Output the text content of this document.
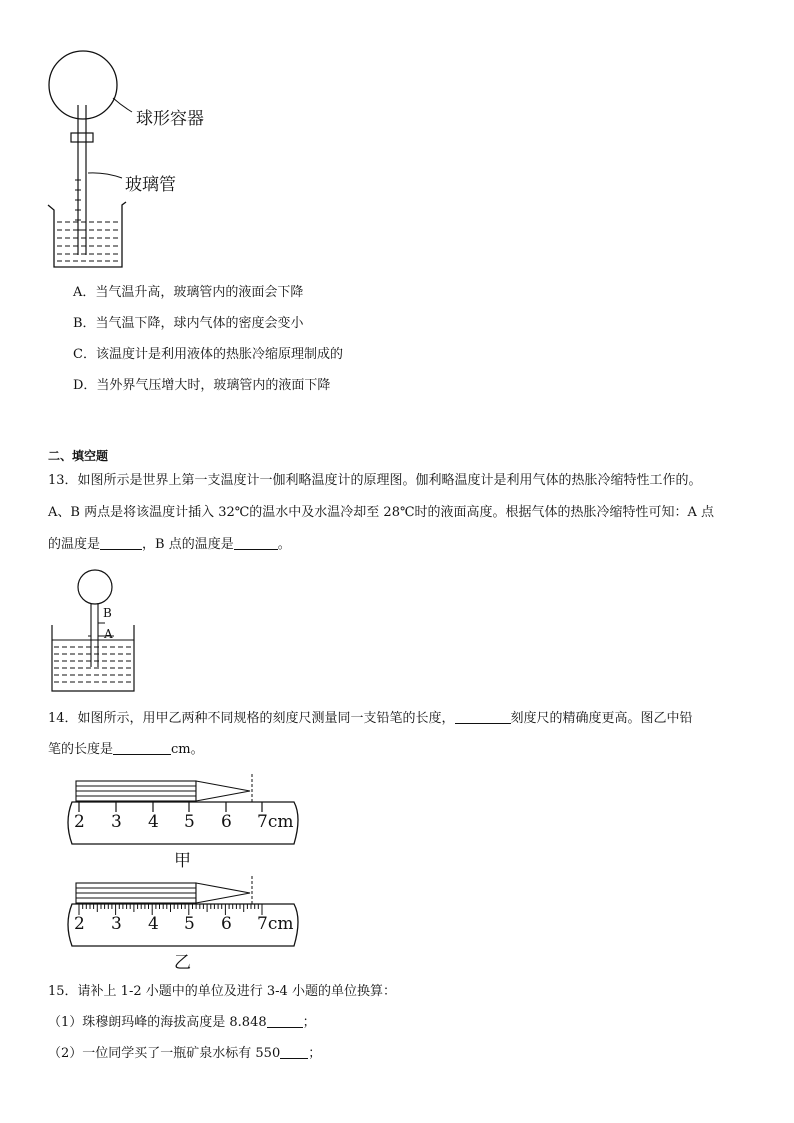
球形容器
玻璃管
A．当气温升高，玻璃管内的液面会下降
B．当气温下降，球内气体的密度会变小
C．该温度计是利用液体的热胀冷缩原理制成的
D．当外界气压增大时，玻璃管内的液面下降
二、填空题
13．如图所示是世界上第一支温度计一伽利略温度计的原理图。伽利略温度计是利用气体的热胀冷缩特性工作的。
A、B 两点是将该温度计插入 32℃的温水中及水温冷却至 28℃时的液面高度。根据气体的热胀冷缩特性可知：A 点
的温度是	，B 点的温度是	。
B
A
14．如图所示，用甲乙两种不同规格的刻度尺测量同一支铅笔的长度，	刻度尺的精确度更高。图乙中铅
笔的长度是	cm。
2 3 4 5 6 7cm
甲
2 3 4 5 6 7cm
乙
15．请补上 1-2 小题中的单位及进行 3-4 小题的单位换算：
（1）珠穆朗玛峰的海拔高度是 8.848	；
（2）一位同学买了一瓶矿泉水标有 550 ；
